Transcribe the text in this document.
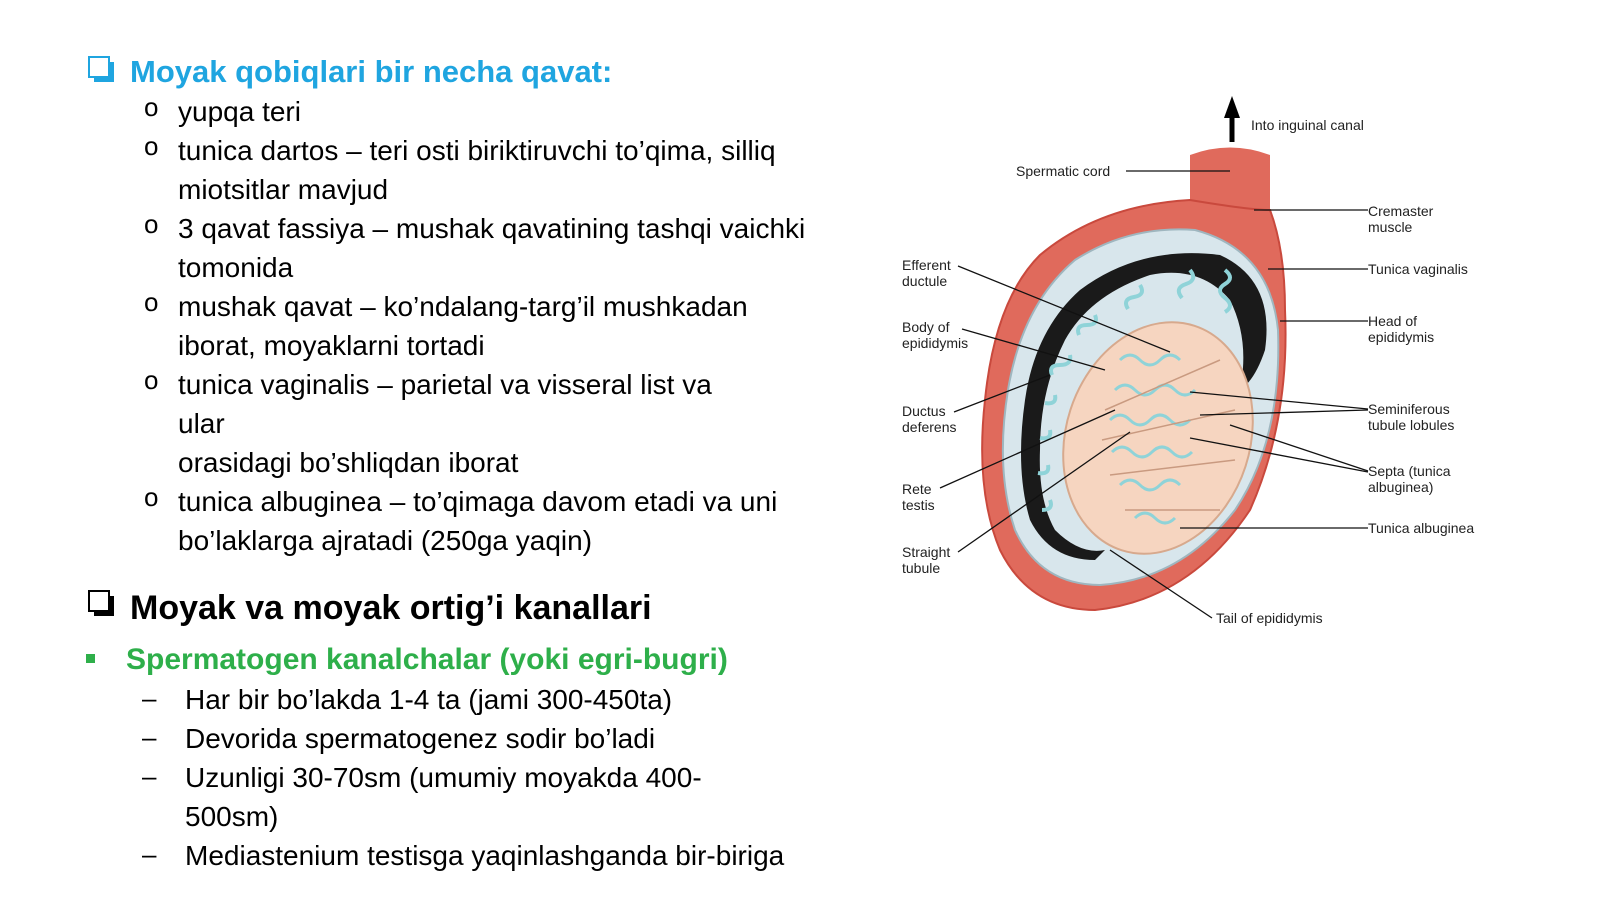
Moyak qobiqlari bir necha qavat:
o yupqa teri
o tunica dartos – teri osti biriktiruvchi to’qima, silliq
miotsitlar mavjud
o 3 qavat fassiya – mushak qavatining tashqi vaichki
tomonida
o mushak qavat – ko’ndalang-targ’il mushkadan
iborat, moyaklarni tortadi
o tunica vaginalis – parietal va visseral list va
ular
orasidagi bo’shliqdan iborat
o tunica albuginea – to’qimaga davom etadi va uni
bo’laklarga ajratadi (250ga yaqin)
Moyak va moyak ortig’i kanallari
Spermatogen kanalchalar (yoki egri-bugri)
– Har bir bo’lakda 1-4 ta (jami 300-450ta)
– Devorida spermatogenez sodir bo’ladi
– Uzunligi 30-70sm (umumiy moyakda 400-
500sm)
– Mediastenium testisga yaqinlashganda bir-biriga
Into inguinal canal
Spermatic cord
Cremaster
muscle
Tunica vaginalis
Efferent
ductule
Body of
epididymis
Head of
epididymis
Ductus
deferens
Seminiferous
tubule lobules
Septa (tunica
albuginea)
Rete
testis
Tunica albuginea
Straight
tubule
Tail of epididymis
